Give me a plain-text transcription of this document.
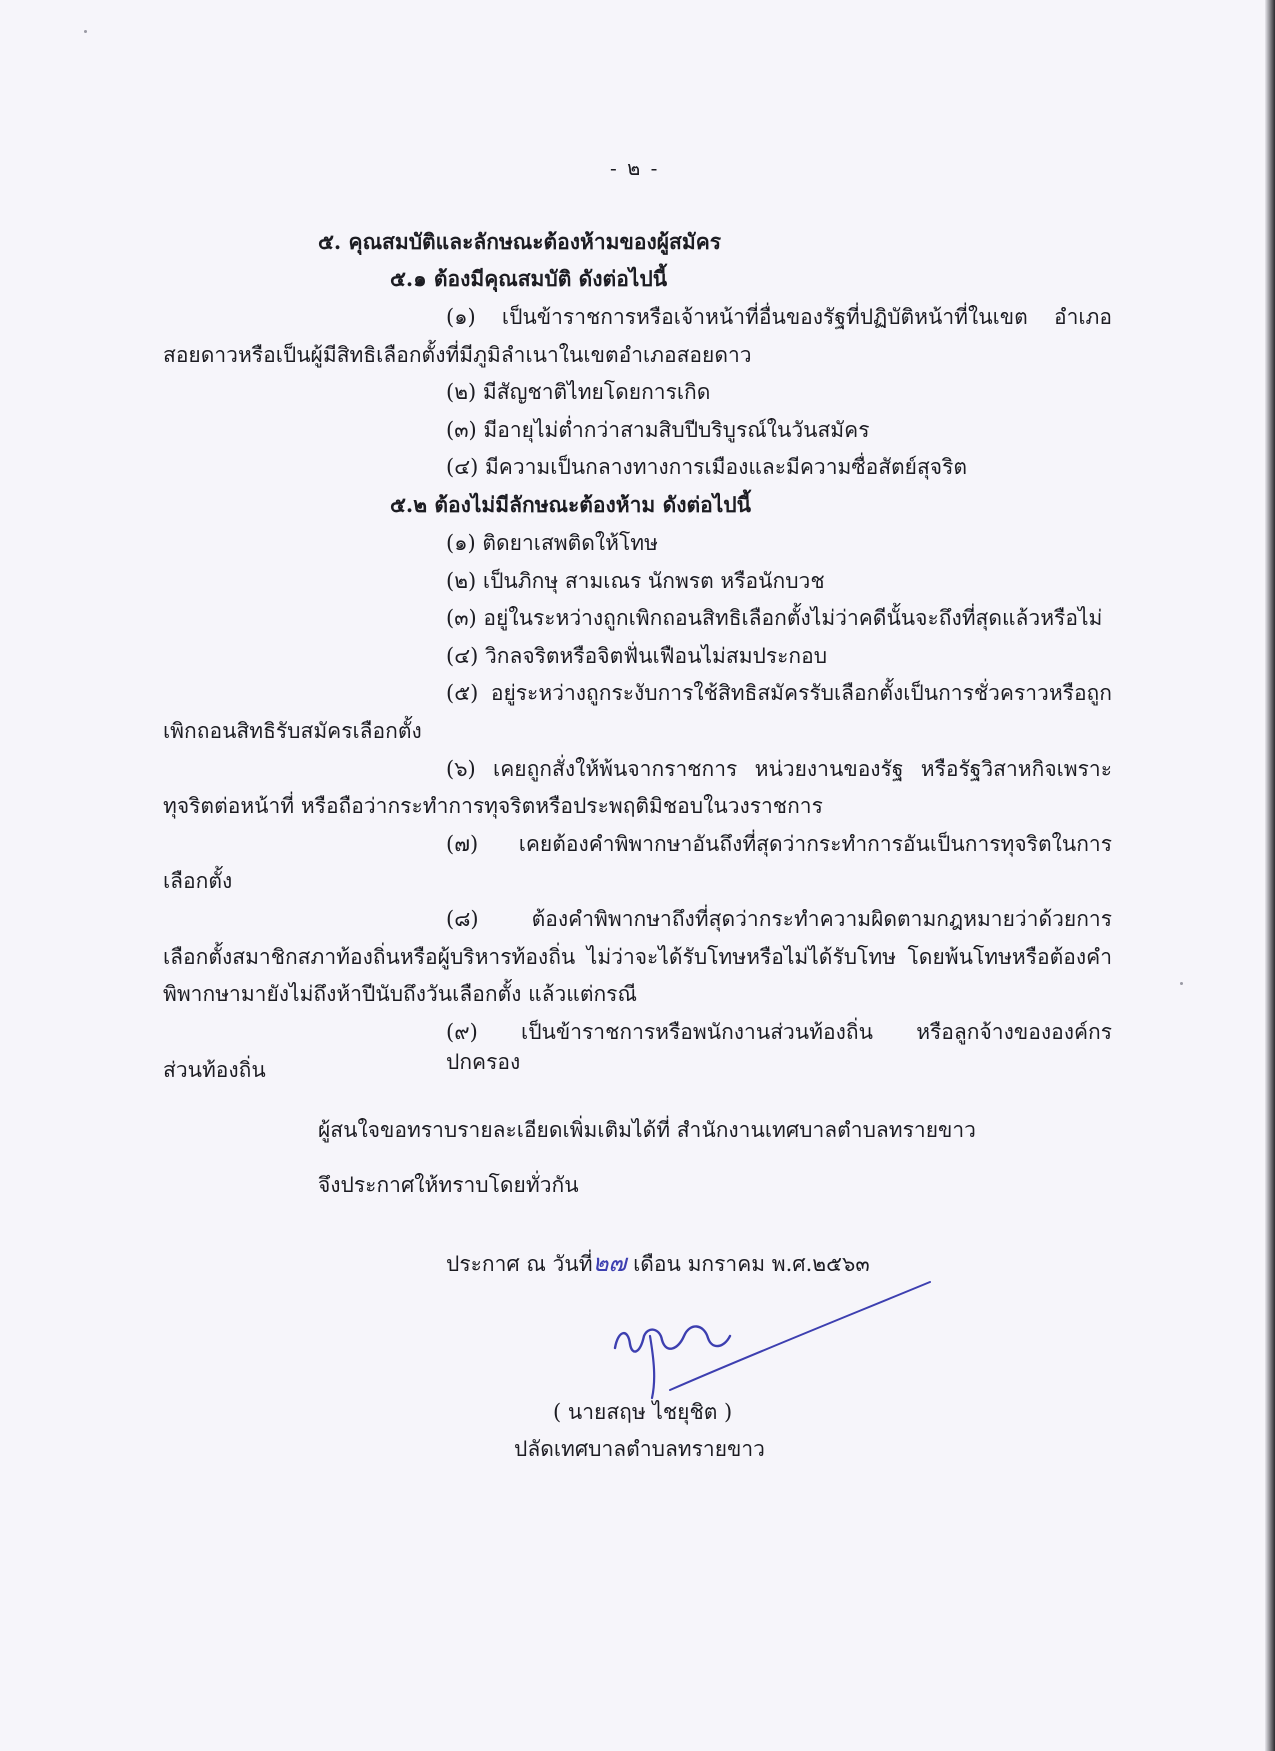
- ๒ -
๕. คุณสมบัติและลักษณะต้องห้ามของผู้สมัคร
๕.๑ ต้องมีคุณสมบัติ ดังต่อไปนี้
(๑) เป็นข้าราชการหรือเจ้าหน้าที่อื่นของรัฐที่ปฏิบัติหน้าที่ในเขต อำเภอ
สอยดาวหรือเป็นผู้มีสิทธิเลือกตั้งที่มีภูมิลำเนาในเขตอำเภอสอยดาว
(๒) มีสัญชาติไทยโดยการเกิด
(๓) มีอายุไม่ต่ำกว่าสามสิบปีบริบูรณ์ในวันสมัคร
(๔) มีความเป็นกลางทางการเมืองและมีความซื่อสัตย์สุจริต
๕.๒ ต้องไม่มีลักษณะต้องห้าม ดังต่อไปนี้
(๑) ติดยาเสพติดให้โทษ
(๒) เป็นภิกษุ สามเณร นักพรต หรือนักบวช
(๓) อยู่ในระหว่างถูกเพิกถอนสิทธิเลือกตั้งไม่ว่าคดีนั้นจะถึงที่สุดแล้วหรือไม่
(๔) วิกลจริตหรือจิตฟั่นเฟือนไม่สมประกอบ
(๕) อยู่ระหว่างถูกระงับการใช้สิทธิสมัครรับเลือกตั้งเป็นการชั่วคราวหรือถูก
เพิกถอนสิทธิรับสมัครเลือกตั้ง
(๖) เคยถูกสั่งให้พ้นจากราชการ หน่วยงานของรัฐ หรือรัฐวิสาหกิจเพราะ
ทุจริตต่อหน้าที่ หรือถือว่ากระทำการทุจริตหรือประพฤติมิชอบในวงราชการ
(๗) เคยต้องคำพิพากษาอันถึงที่สุดว่ากระทำการอันเป็นการทุจริตในการ
เลือกตั้ง
(๘) ต้องคำพิพากษาถึงที่สุดว่ากระทำความผิดตามกฎหมายว่าด้วยการ
เลือกตั้งสมาชิกสภาท้องถิ่นหรือผู้บริหารท้องถิ่น ไม่ว่าจะได้รับโทษหรือไม่ได้รับโทษ โดยพ้นโทษหรือต้องคำ
พิพากษามายังไม่ถึงห้าปีนับถึงวันเลือกตั้ง แล้วแต่กรณี
(๙) เป็นข้าราชการหรือพนักงานส่วนท้องถิ่น หรือลูกจ้างขององค์กรปกครอง
ส่วนท้องถิ่น
ผู้สนใจขอทราบรายละเอียดเพิ่มเติมได้ที่ สำนักงานเทศบาลตำบลทรายขาว
จึงประกาศให้ทราบโดยทั่วกัน
ประกาศ ณ วันที่๒๗ เดือน มกราคม พ.ศ.๒๕๖๓
( นายสฤษ ไชยุชิต )
ปลัดเทศบาลตำบลทรายขาว
